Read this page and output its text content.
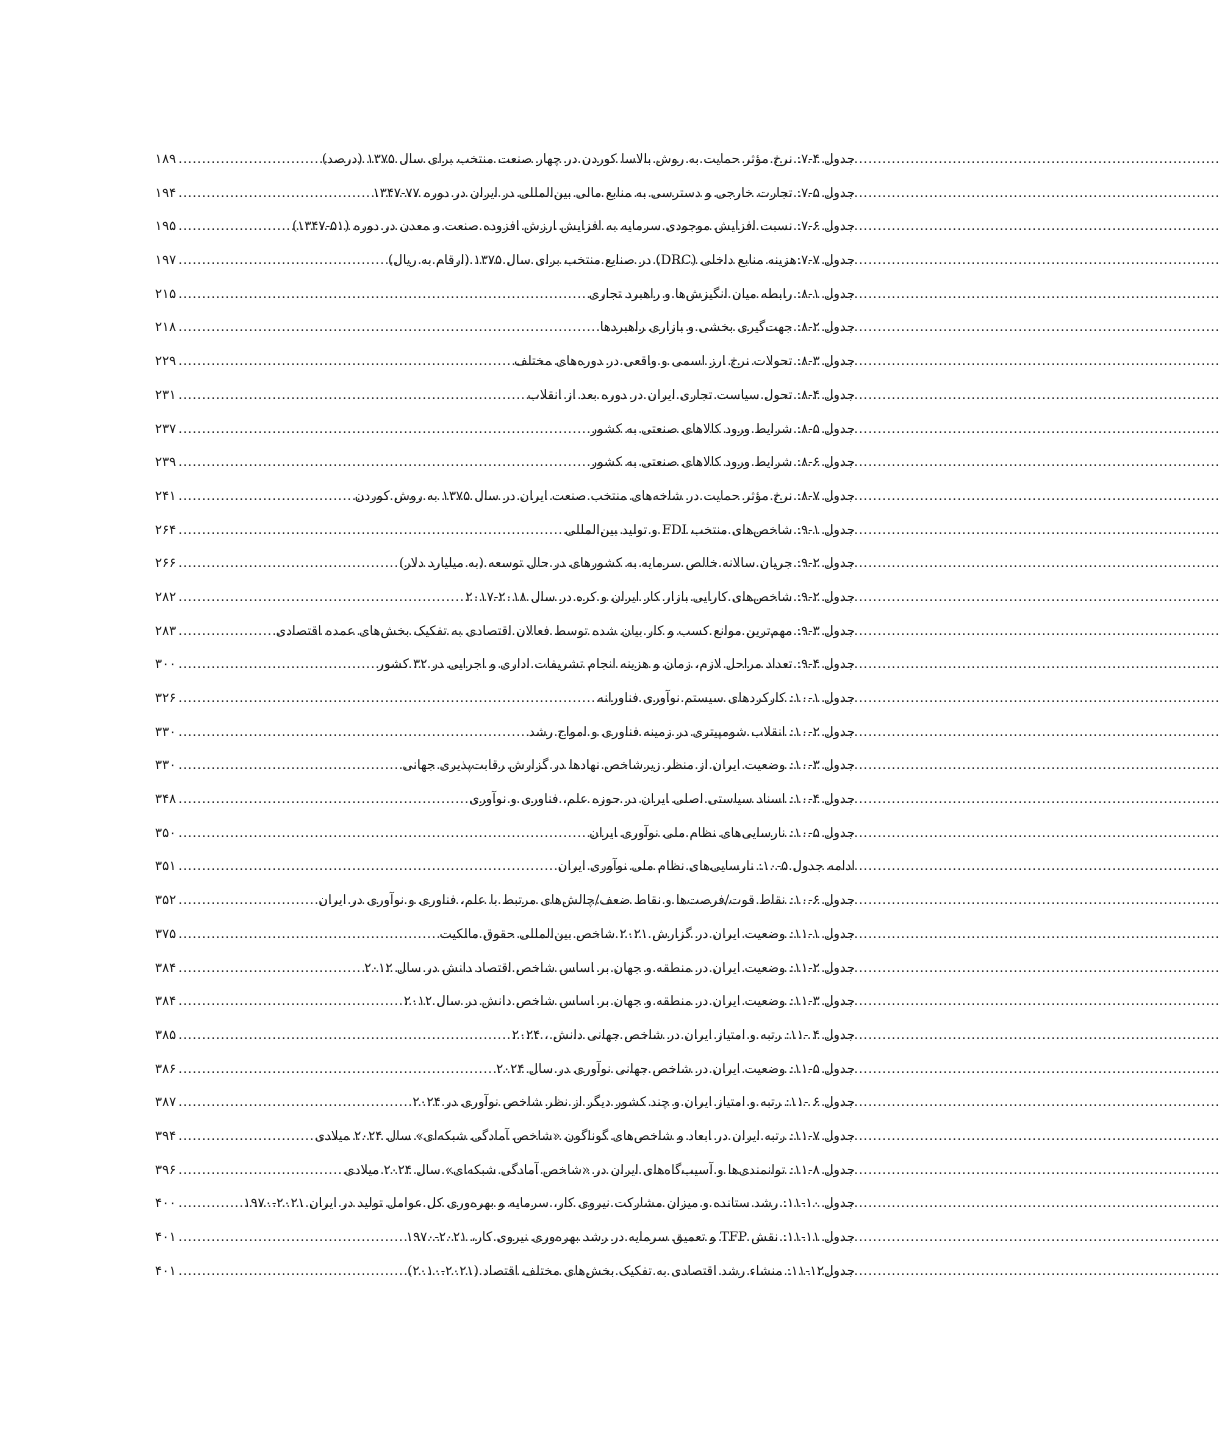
جدول ۴-۷: نرخ مؤثر حمایت به روش بالاسا کوردن در چهار صنعت منتخب برای سال ۱۳۷۵ (درصد)
.....
۱۸۹
جدول ۵-۷: تجارت خارجی و دسترسی به منابع مالی بین‌المللی در ایران در دوره ۷۷-۱۳۴۷
.....
۱۹۴
جدول ۶-۷: نسبت افزایش موجودی سرمایه به افزایش ارزش افزوده صنعت و معدن در دوره (۵۱-۱۳۴۷)
.....
۱۹۵
جدول ۷-۷:هزینه منابع داخلی (DRC) در صنایع منتخب برای سال ۱۳۷۵ (ارقام به ریال)
.....
۱۹۷
جدول ۱-۸: رابطه میان انگیزش‌ها و راهبرد تجاری
.....
۲۱۵
جدول ۲-۸: جهت‌گیری بخشی و بازاری راهبردها
.....
۲۱۸
جدول ۳-۸: تحولات نرخ ارز اسمی و واقعی در دوره‌های مختلف
.....
۲۲۹
جدول ۴-۸: تحول سیاست تجاری ایران در دوره بعد از انقلاب
.....
۲۳۱
جدول ۵-۸: شرایط ورود کالاهای صنعتی به کشور
.....
۲۳۷
جدول ۶-۸: شرایط ورود کالاهای صنعتی به کشور
.....
۲۳۹
جدول ۷-۸: نرخ مؤثر حمایت در شاخه‌های منتخب صنعت ایران در سال ۱۳۷۵ به روش کوردن
.....
۲۴۱
جدول ۱-۹: شاخص‌های منتخب FDI و تولید بین‌المللی
.....
۲۶۴
جدول ۲-۹: جریان سالانه خالص سرمایه به کشورهای در حال توسعه (به میلیارد دلار)
.....
۲۶۶
جدول ۲-۹: شاخص‌های کارایی بازار کار ایران و کره در سال ۲۰۱۸-۲۰۱۷
.....
۲۸۲
جدول ۳-۹: مهم‌ترین موانع کسب و کار بیان شده توسط فعالان اقتصادی به تفکیک بخش‌های عمده اقتصادی
.....
۲۸۳
جدول ۴-۹: تعداد مراحل لازم، زمان و هزینه انجام تشریفات اداری و اجرایی در ۳۲ کشور
.....
۳۰۰
جدول ۱-۱۰: کارکردهای سیستم نوآوری فناورانه
.....
۳۲۶
جدول ۲-۱۰: انقلاب شومپیتری در زمینه فناوری و امواج رشد
.....
۳۳۰
جدول ۳-۱۰: وضعیت ایران از منظر زیرشاخص نهادها در گزارش رقابت‌پذیری جهانی
.....
۳۳۰
جدول ۴-۱۰: اسناد سیاستی اصلی ایران در حوزه علم، فناوری و نوآوری
.....
۳۴۸
جدول ۵-۱۰: نارسایی‌های نظام ملی نوآوری ایران
.....
۳۵۰
ادامه جدول ۵-۱۰: نارسایی‌های نظام ملی نوآوری ایران
.....
۳۵۱
جدول ۶-۱۰: نقاط قوت/فرصت‌ها و نقاط ضعف/چالش‌های مرتبط با علم، فناوری و نوآوری در ایران
.....
۳۵۲
جدول ۱-۱۱: وضعیت ایران در گزارش ۲۰۲۱ شاخص بین‌المللی حقوق مالکیت
.....
۳۷۵
جدول ۲-۱۱: وضعیت ایران در منطقه و جهان بر اساس شاخص اقتصاد دانش در سال ۲۰۱۲
.....
۳۸۴
جدول ۳-۱۱: وضعیت ایران در منطقه و جهان بر اساس شاخص دانش در سال ۲۰۱۲
.....
۳۸۴
جدول ۴ -۱۱: رتبه و امتیاز ایران در شاخص جهانی دانش ، ۲۰۲۴
.....
۳۸۵
جدول ۵-۱۱: وضعیت ایران در شاخص جهانی نوآوری در سال ۲۰۲۴
.....
۳۸۶
جدول ۶ -۱۱: رتبه و امتیاز ایران و چند کشور دیگر از نظر شاخص نوآوری در ۲۰۲۴
.....
۳۸۷
جدول ۷-۱۱: رتبه ایران در ابعاد و شاخص‌های گوناگون «شاخص آمادگی شبکه‌ای» سال ۲۰۲۴ میلادی
.....
۳۹۴
جدول ۸-۱۱: توانمندی‌ها و آسیب‌گاه‌های ایران در «شاخص آمادگی شبکه‌ای» سال ۲۰۲۴ میلادی
.....
۳۹۶
جدول ۱۰-۱۱: رشد ستانده و میزان مشارکت نیروی کار، سرمایه و بهره‌وری کل عوامل تولید در ایران ۲۰۲۱-۱۹۷۰
.....
۴۰۰
جدول ۱۱-۱۱: نقش TFP و تعمیق سرمایه در رشد بهره‌وری نیروی کار، ۲۰۲۱-۱۹۷۰
.....
۴۰۱
جدول۱۲-۱۱: منشاء رشد اقتصادی به تفکیک بخش‌های مختلف اقتصاد (۲۰۲۱-۲۰۱۰)
.....
۴۰۱
